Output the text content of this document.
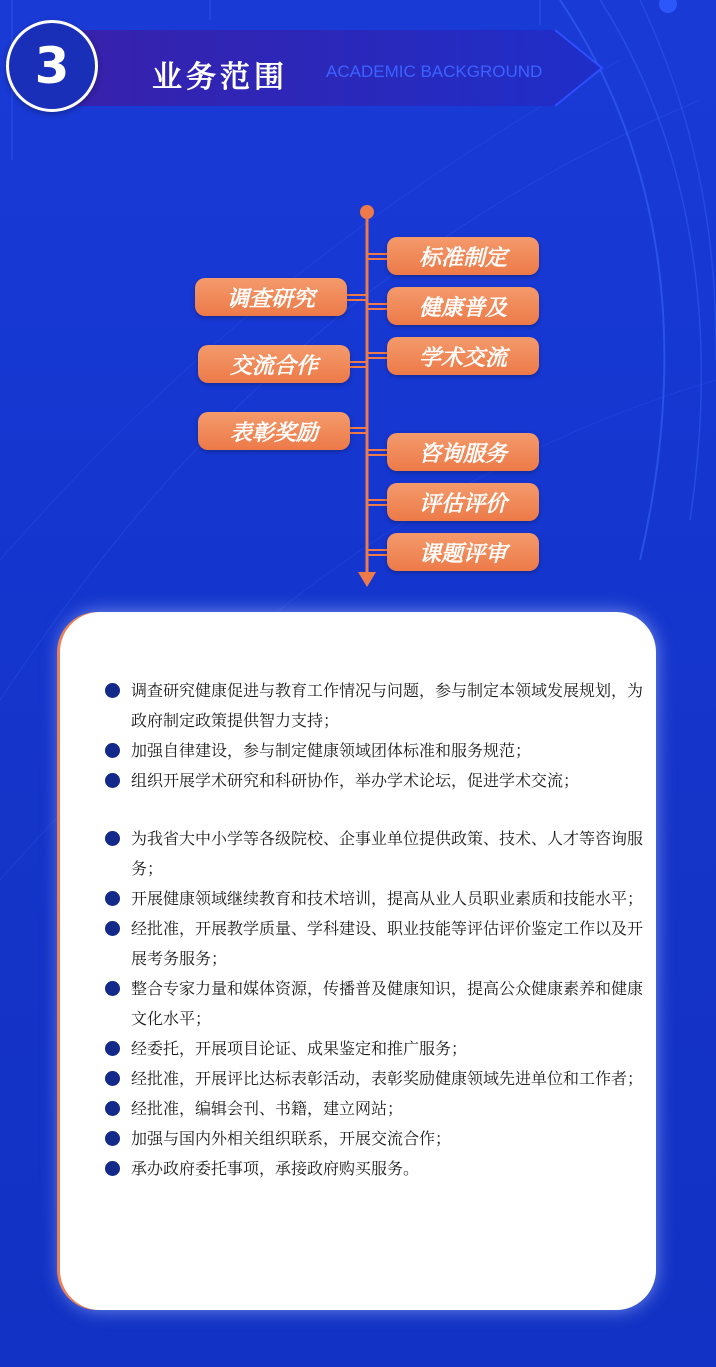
3	业务范围 ACADEMIC BACKGROUND
标准制定
健康普及
学术交流
咨询服务
评估评价
课题评审
调查研究
交流合作
表彰奖励
调查研究健康促进与教育工作情况与问题，参与制定本领域发展规划，为政府制定政策提供智力支持；
加强自律建设，参与制定健康领域团体标准和服务规范；
组织开展学术研究和科研协作，举办学术论坛，促进学术交流；
为我省大中小学等各级院校、企事业单位提供政策、技术、人才等咨询服务；
开展健康领域继续教育和技术培训，提高从业人员职业素质和技能水平；
经批准，开展教学质量、学科建设、职业技能等评估评价鉴定工作以及开展考务服务；
整合专家力量和媒体资源，传播普及健康知识，提高公众健康素养和健康文化水平；
经委托，开展项目论证、成果鉴定和推广服务；
经批准，开展评比达标表彰活动，表彰奖励健康领域先进单位和工作者；
经批准，编辑会刊、书籍，建立网站；
加强与国内外相关组织联系，开展交流合作；
承办政府委托事项，承接政府购买服务。
